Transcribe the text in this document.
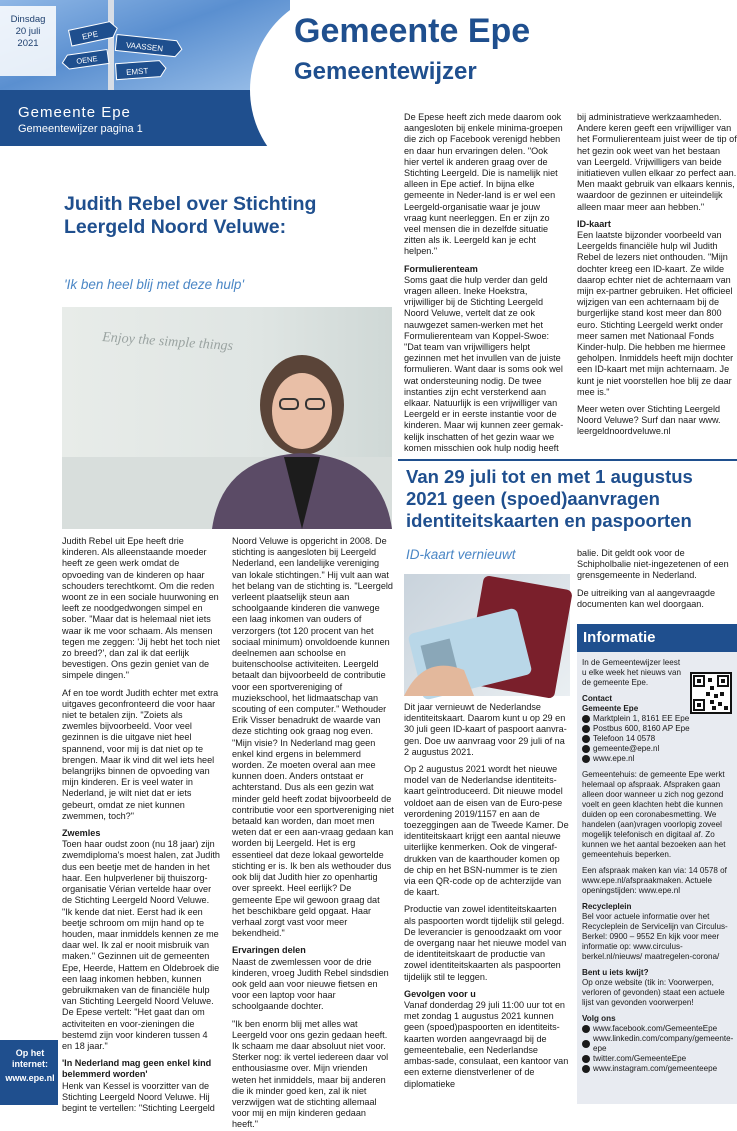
EPE
VAASSEN
OENE
EMST
Dinsdag
20 juli
2021	Gemeente Epe
Gemeentewijzer
Gemeente Epe
Gemeentewijzer pagina 1
Op het internet:
www.epe.nl
Judith Rebel over Stichting Leergeld Noord Veluwe:
'Ik ben heel blij met deze hulp'
Enjoy the simple things

Judith Rebel uit Epe heeft drie kinderen. Als alleenstaande moeder heeft ze geen werk omdat de opvoeding van de kinderen op haar schouders terechtkomt. Om die reden woont ze in een sociale huurwoning en leeft ze noodgedwongen simpel en sober. "Maar dat is helemaal niet iets waar ik me voor schaam. Als mensen tegen me zeggen: 'Jij hebt het toch niet zo breed?', dan zal ik dat eerlijk bevestigen. Ons gezin geniet van de simpele dingen."

Af en toe wordt Judith echter met extra uitgaves geconfronteerd die voor haar niet te betalen zijn. "Zoiets als zwemles bijvoorbeeld. Voor veel gezinnen is die uitgave niet heel spannend, voor mij is dat niet op te brengen. Maar ik vind dit wel iets heel belangrijks binnen de opvoeding van mijn kinderen. Er is veel water in Nederland, je wilt niet dat er iets gebeurt, omdat ze niet kunnen zwemmen, toch?"

Zwemles

Toen haar oudst zoon (nu 18 jaar) zijn zwemdiploma's moest halen, zat Judith dus een beetje met de handen in het haar. Een hulpverlener bij thuiszorg-organisatie Vérian vertelde haar over de Stichting Leergeld Noord Veluwe. "Ik kende dat niet. Eerst had ik een beetje schroom om mijn hand op te houden, maar inmiddels kennen ze me daar wel. Ik zal er nooit misbruik van maken." Gezinnen uit de gemeenten Epe, Heerde, Hattem en Oldebroek die een laag inkomen hebben, kunnen gebruikmaken van de financiële hulp van Stichting Leergeld Noord Veluwe. De Epese vertelt: "Het gaat dan om activiteiten en voor-zieningen die bestemd zijn voor kinderen tussen 4 en 18 jaar."

'In Nederland mag geen enkel kind belemmerd worden'

Henk van Kessel is voorzitter van de Stichting Leergeld Noord Veluwe. Hij begint te vertellen: "Stichting Leergeld

Noord Veluwe is opgericht in 2008. De stichting is aangesloten bij Leergeld Nederland, een landelijke vereniging van lokale stichtingen." Hij vult aan wat het belang van de stichting is. "Leergeld verleent plaatselijk steun aan schoolgaande kinderen die vanwege een laag inkomen van ouders of verzorgers (tot 120 procent van het sociaal minimum) onvoldoende kunnen deelnemen aan schoolse en buitenschoolse activiteiten. Leergeld betaalt dan bijvoorbeeld de contributie voor een sportvereniging of muziekschool, het lidmaatschap van scouting of een computer." Wethouder Erik Visser benadrukt de waarde van deze stichting ook graag nog even. "Mijn visie? In Nederland mag geen enkel kind ergens in belemmerd worden. Ze moeten overal aan mee kunnen doen. Anders ontstaat er achterstand. Dus als een gezin wat minder geld heeft zodat bijvoorbeeld de contributie voor een sportvereniging niet betaald kan worden, dan moet men weten dat er een aan-vraag gedaan kan worden bij Leergeld. Het is erg essentieel dat deze lokaal gewortelde stichting er is. Ik ben als wethouder dus ook blij dat Judith hier zo openhartig over spreekt. Heel eerlijk? De gemeente Epe wil gewoon graag dat het beschikbare geld opgaat. Haar verhaal zorgt vast voor meer bekendheid."

Ervaringen delen

Naast de zwemlessen voor de drie kinderen, vroeg Judith Rebel sindsdien ook geld aan voor nieuwe fietsen en voor een laptop voor haar schoolgaande dochter.

"Ik ben enorm blij met alles wat Leergeld voor ons gezin gedaan heeft. Ik schaam me daar absoluut niet voor. Sterker nog: ik vertel iedereen daar vol enthousiasme over. Mijn vrienden weten het inmiddels, maar bij anderen die ik minder goed ken, zal ik niet verzwijgen wat de stichting allemaal voor mij en mijn kinderen gedaan heeft."

De Epese heeft zich mede daarom ook aangesloten bij enkele minima-groepen die zich op Facebook verenigd hebben en daar hun ervaringen delen. "Ook hier vertel ik anderen graag over de Stichting Leergeld. Die is namelijk niet alleen in Epe actief. In bijna elke gemeente in Neder-land is er wel een Leergeld-organisatie waar je jouw vraag kunt neerleggen. En er zijn zo veel mensen die in dezelfde situatie zitten als ik. Leergeld kan je echt helpen."

Formulierenteam

Soms gaat die hulp verder dan geld vragen alleen. Ineke Hoekstra, vrijwilliger bij de Stichting Leergeld Noord Veluwe, vertelt dat ze ook nauwgezet samen-werken met het Formulierenteam van Koppel-Swoe: "Dat team van vrijwilligers helpt gezinnen met het invullen van de juiste formulieren. Want daar is soms ook wel wat ondersteuning nodig. De twee instanties zijn echt versterkend aan elkaar. Natuurlijk is een vrijwilliger van Leergeld er in eerste instantie voor de kinderen. Maar wij kunnen zeer gemak-kelijk inschatten of het gezin waar we komen misschien ook hulp nodig heeft

bij administratieve werkzaamheden. Andere keren geeft een vrijwilliger van het Formulierenteam juist weer de tip of het gezin ook weet van het bestaan van Leergeld. Vrijwilligers van beide initiatieven vullen elkaar zo perfect aan. Men maakt gebruik van elkaars kennis, waardoor de gezinnen er uiteindelijk alleen maar meer aan hebben."

ID-kaart

Een laatste bijzonder voorbeeld van Leergelds financiële hulp wil Judith Rebel de lezers niet onthouden. "Mijn dochter kreeg een ID-kaart. Ze wilde daarop echter niet de achternaam van mijn ex-partner gebruiken. Het officieel wijzigen van een achternaam bij de burgerlijke stand kost meer dan 800 euro. Stichting Leergeld werkt onder meer samen met Nationaal Fonds Kinder-hulp. Die hebben me hiermee geholpen. Inmiddels heeft mijn dochter een ID-kaart met mijn achternaam. Je kunt je niet voorstellen hoe blij ze daar mee is."

Meer weten over Stichting Leergeld Noord Veluwe? Surf dan naar www. leergeldnoordveluwe.nl

Van 29 juli tot en met 1 augustus 2021 geen (spoed)aanvragen identiteitskaarten en paspoorten
ID-kaart vernieuwt

Dit jaar vernieuwt de Nederlandse identiteitskaart. Daarom kunt u op 29 en 30 juli geen ID-kaart of paspoort aanvra-gen. Doe uw aanvraag voor 29 juli of na 2 augustus 2021.

Op 2 augustus 2021 wordt het nieuwe model van de Nederlandse identiteits-kaart geïntroduceerd. Dit nieuwe model voldoet aan de eisen van de Euro-pese verordening 2019/1157 en aan de toezeggingen aan de Tweede Kamer. De identiteitskaart krijgt een aantal nieuwe uiterlijke kenmerken. Ook de vingeraf-drukken van de kaarthouder komen op de chip en het BSN-nummer is te zien via een QR-code op de achterzijde van de kaart.

Productie van zowel identiteitskaarten als paspoorten wordt tijdelijk stil gelegd. De leverancier is genoodzaakt om voor de overgang naar het nieuwe model van de identiteitskaart de productie van zowel identiteitskaarten als paspoorten tijdelijk stil te leggen.

Gevolgen voor u

Vanaf donderdag 29 juli 11:00 uur tot en met zondag 1 augustus 2021 kunnen geen (spoed)paspoorten en identiteits-kaarten worden aangevraagd bij de gemeentebalie, een Nederlandse ambas-sade, consulaat, een kantoor van een externe dienstverlener of de diplomatieke

balie. Dit geldt ook voor de Schipholbalie niet-ingezetenen of een grensgemeente in Nederland.

De uitreiking van al aangevraagde documenten kan wel doorgaan.

Informatie

In de Gemeentewijzer leest u elke week het nieuws van de gemeente Epe.

Contact

Gemeente Epe

Marktplein 1, 8161 EE Epe
Postbus 600, 8160 AP Epe
Telefoon 14 0578
gemeente@epe.nl
www.epe.nl

Gemeentehuis: de gemeente Epe werkt helemaal op afspraak. Afspraken gaan alleen door wanneer u zich nog gezond voelt en geen klachten hebt die kunnen duiden op een coronabesmetting. We handelen (aan)vragen voorlopig zoveel mogelijk telefonisch en digitaal af. Zo kunnen we het aantal bezoeken aan het gemeentehuis beperken.

Een afspraak maken kan via: 14 0578 of www.epe.nl/afspraakmaken. Actuele openingstijden: www.epe.nl

Recycleplein

Bel voor actuele informatie over het Recycleplein de Servicelijn van Circulus-Berkel: 0900 – 9552 En kijk voor meer informatie op: www.circulus-berkel.nl/nieuws/ maatregelen-corona/

Bent u iets kwijt?

Op onze website (tik in: Voorwerpen, verloren of gevonden) staat een actuele lijst van gevonden voorwerpen!

Volg ons

www.facebook.com/GemeenteEpe
www.linkedin.com/company/gemeente-epe
twitter.com/GemeenteEpe
www.instagram.com/gemeenteepe
